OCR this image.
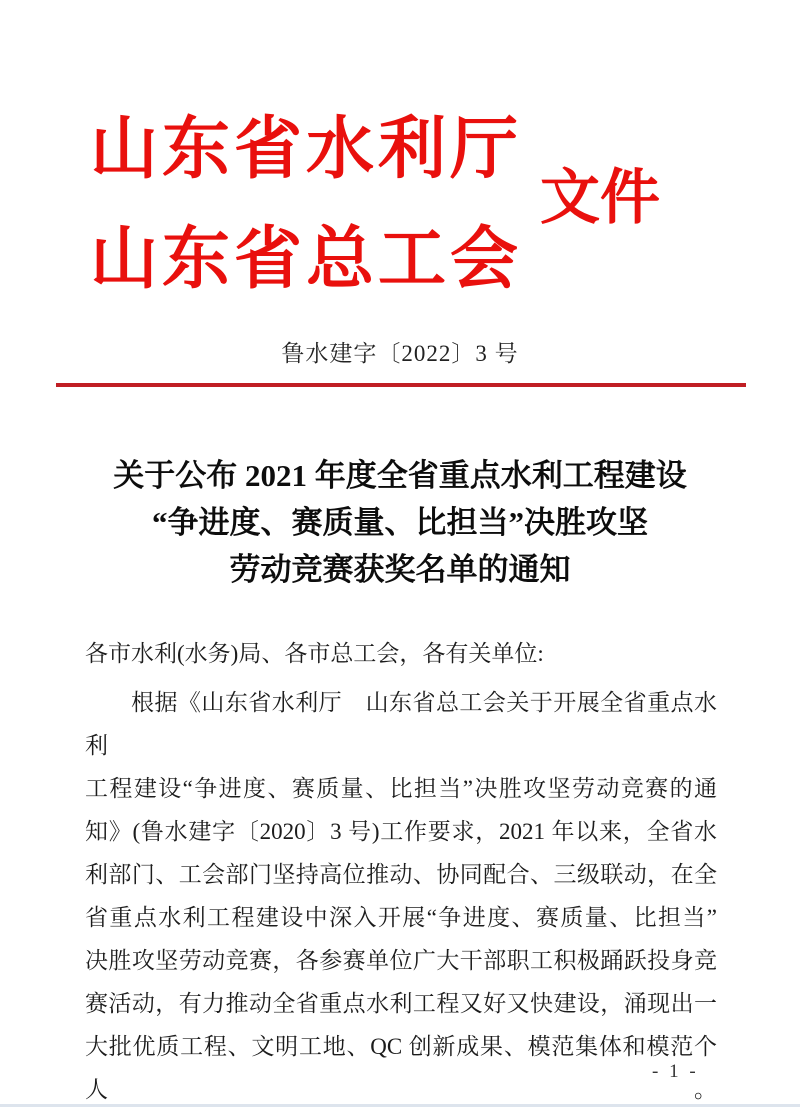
山东省水利厅
山东省总工会
文件
鲁水建字〔2022〕3 号
关于公布 2021 年度全省重点水利工程建设
“争进度、赛质量、比担当”决胜攻坚
劳动竞赛获奖名单的通知

各市水利(水务)局、各市总工会，各有关单位:

根据《山东省水利厅　山东省总工会关于开展全省重点水利
工程建设“争进度、赛质量、比担当”决胜攻坚劳动竞赛的通
知》(鲁水建字〔2020〕3 号)工作要求，2021 年以来，全省水
利部门、工会部门坚持高位推动、协同配合、三级联动，在全
省重点水利工程建设中深入开展“争进度、赛质量、比担当”
决胜攻坚劳动竞赛，各参赛单位广大干部职工积极踊跃投身竞
赛活动，有力推动全省重点水利工程又好又快建设，涌现出一
大批优质工程、文明工地、QC 创新成果、模范集体和模范个人。
- 1 -
